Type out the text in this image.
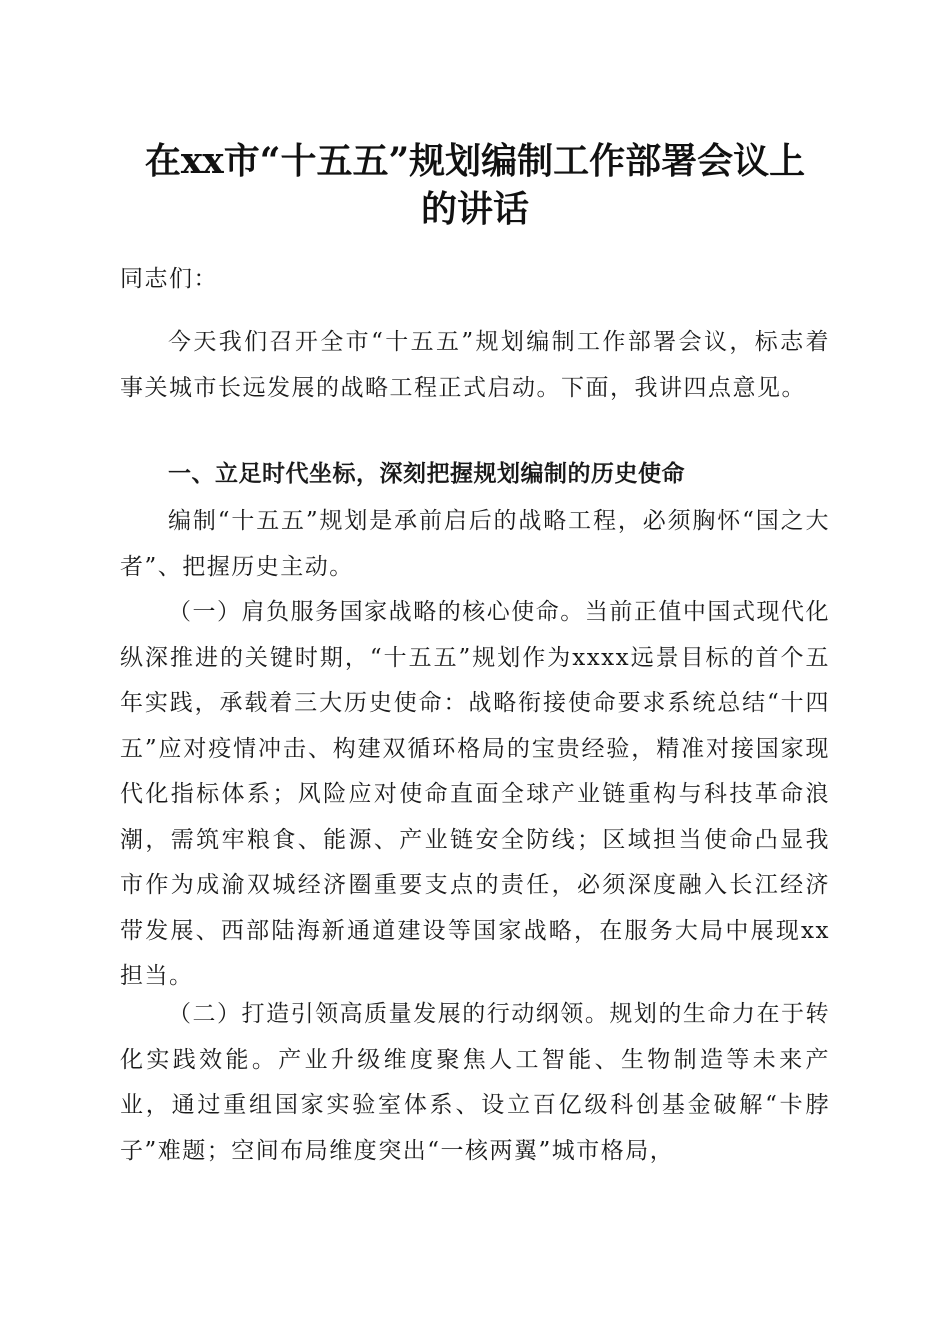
在xx市“十五五”规划编制工作部署会议上
的讲话

同志们：

今天我们召开全市“十五五”规划编制工作部署会议，标志着事关城市长远发展的战略工程正式启动。下面，我讲四点意见。

一、立足时代坐标，深刻把握规划编制的历史使命

编制“十五五”规划是承前启后的战略工程，必须胸怀“国之大者”、把握历史主动。

（一）肩负服务国家战略的核心使命。当前正值中国式现代化纵深推进的关键时期，“十五五”规划作为xxxx远景目标的首个五年实践，承载着三大历史使命：战略衔接使命要求系统总结“十四五”应对疫情冲击、构建双循环格局的宝贵经验，精准对接国家现代化指标体系；风险应对使命直面全球产业链重构与科技革命浪潮，需筑牢粮食、能源、产业链安全防线；区域担当使命凸显我市作为成渝双城经济圈重要支点的责任，必须深度融入长江经济带发展、西部陆海新通道建设等国家战略，在服务大局中展现xx担当。

（二）打造引领高质量发展的行动纲领。规划的生命力在于转化实践效能。产业升级维度聚焦人工智能、生物制造等未来产业，通过重组国家实验室体系、设立百亿级科创基金破解“卡脖子”难题；空间布局维度突出“一核两翼”城市格局，
